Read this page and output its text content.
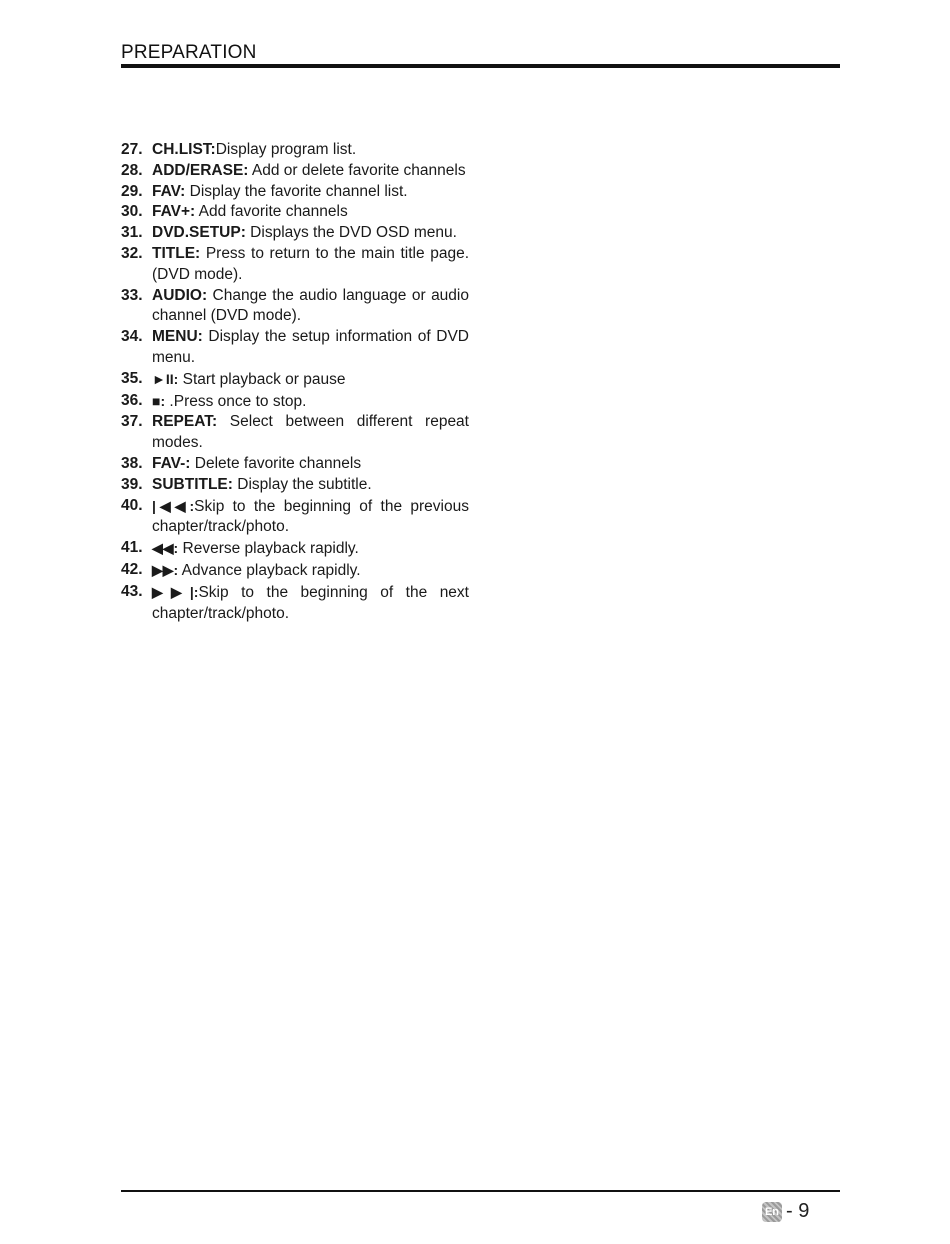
PREPARATION
27. CH.LIST:Display program list.
28. ADD/ERASE: Add or delete favorite channels
29. FAV: Display the favorite channel list.
30. FAV+: Add favorite channels
31. DVD.SETUP: Displays the DVD OSD menu.
32. TITLE: Press to return to the main title page. (DVD mode).
33. AUDIO: Change the audio language or audio channel (DVD mode).
34. MENU: Display the setup information of DVD menu.
35. ►II: Start playback or pause
36. ■: .Press once to stop.
37. REPEAT: Select between different repeat modes.
38. FAV-: Delete favorite channels
39. SUBTITLE: Display the subtitle.
40. |◀◀:Skip to the beginning of the previous chapter/track/photo.
41. ◀◀: Reverse playback rapidly.
42. ▶▶: Advance playback rapidly.
43. ▶▶|:Skip to the beginning of the next chapter/track/photo.
En - 9
